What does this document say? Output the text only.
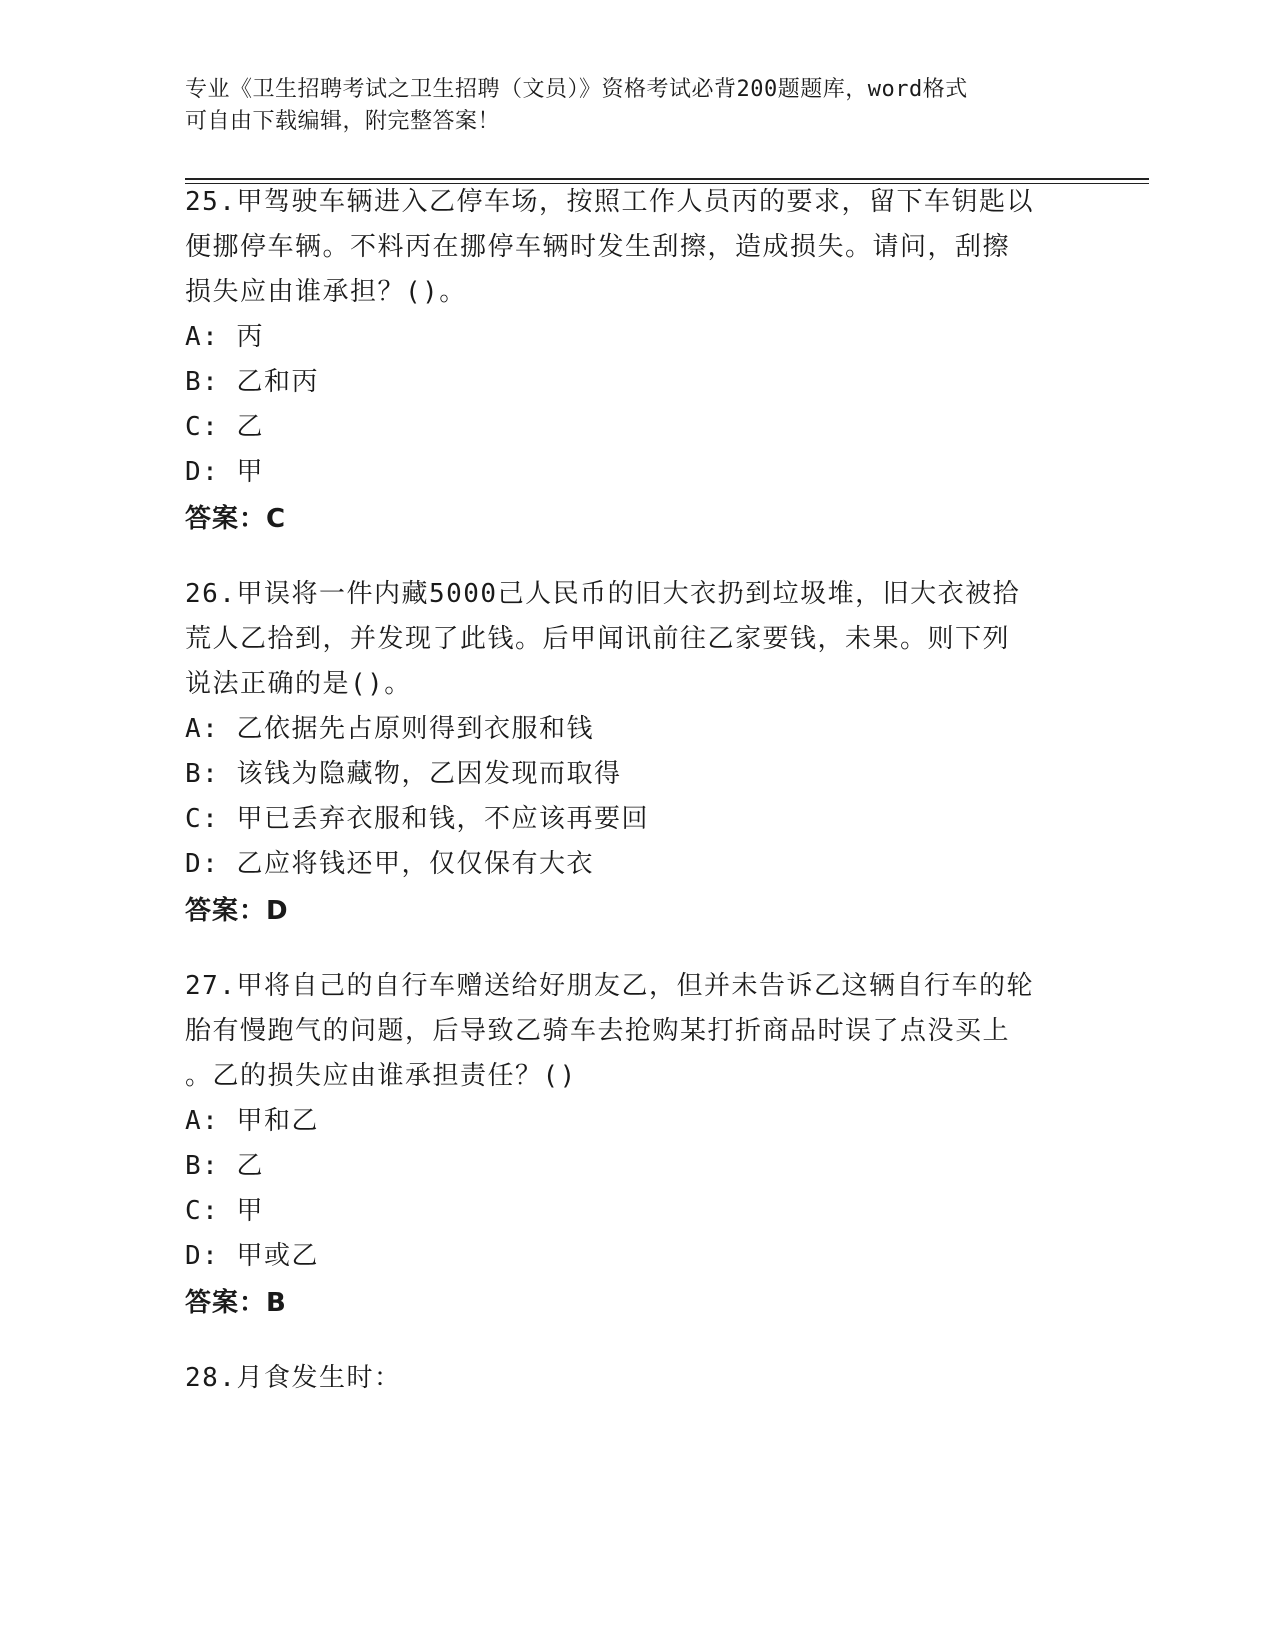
专业《卫生招聘考试之卫生招聘（文员）》资格考试必背200题题库，word格式
可自由下载编辑，附完整答案！

25.甲驾驶车辆进入乙停车场，按照工作人员丙的要求，留下车钥匙以

便挪停车辆。不料丙在挪停车辆时发生刮擦，造成损失。请问，刮擦

损失应由谁承担？()。

A: 丙

B: 乙和丙

C: 乙

D: 甲

答案：C

26.甲误将一件内藏5000己人民币的旧大衣扔到垃圾堆，旧大衣被拾

荒人乙拾到，并发现了此钱。后甲闻讯前往乙家要钱，未果。则下列

说法正确的是()。

A: 乙依据先占原则得到衣服和钱

B: 该钱为隐藏物，乙因发现而取得

C: 甲已丢弃衣服和钱，不应该再要回

D: 乙应将钱还甲，仅仅保有大衣

答案：D

27.甲将自己的自行车赠送给好朋友乙，但并未告诉乙这辆自行车的轮

胎有慢跑气的问题，后导致乙骑车去抢购某打折商品时误了点没买上

。乙的损失应由谁承担责任？()

A: 甲和乙

B: 乙

C: 甲

D: 甲或乙

答案：B

28.月食发生时：
